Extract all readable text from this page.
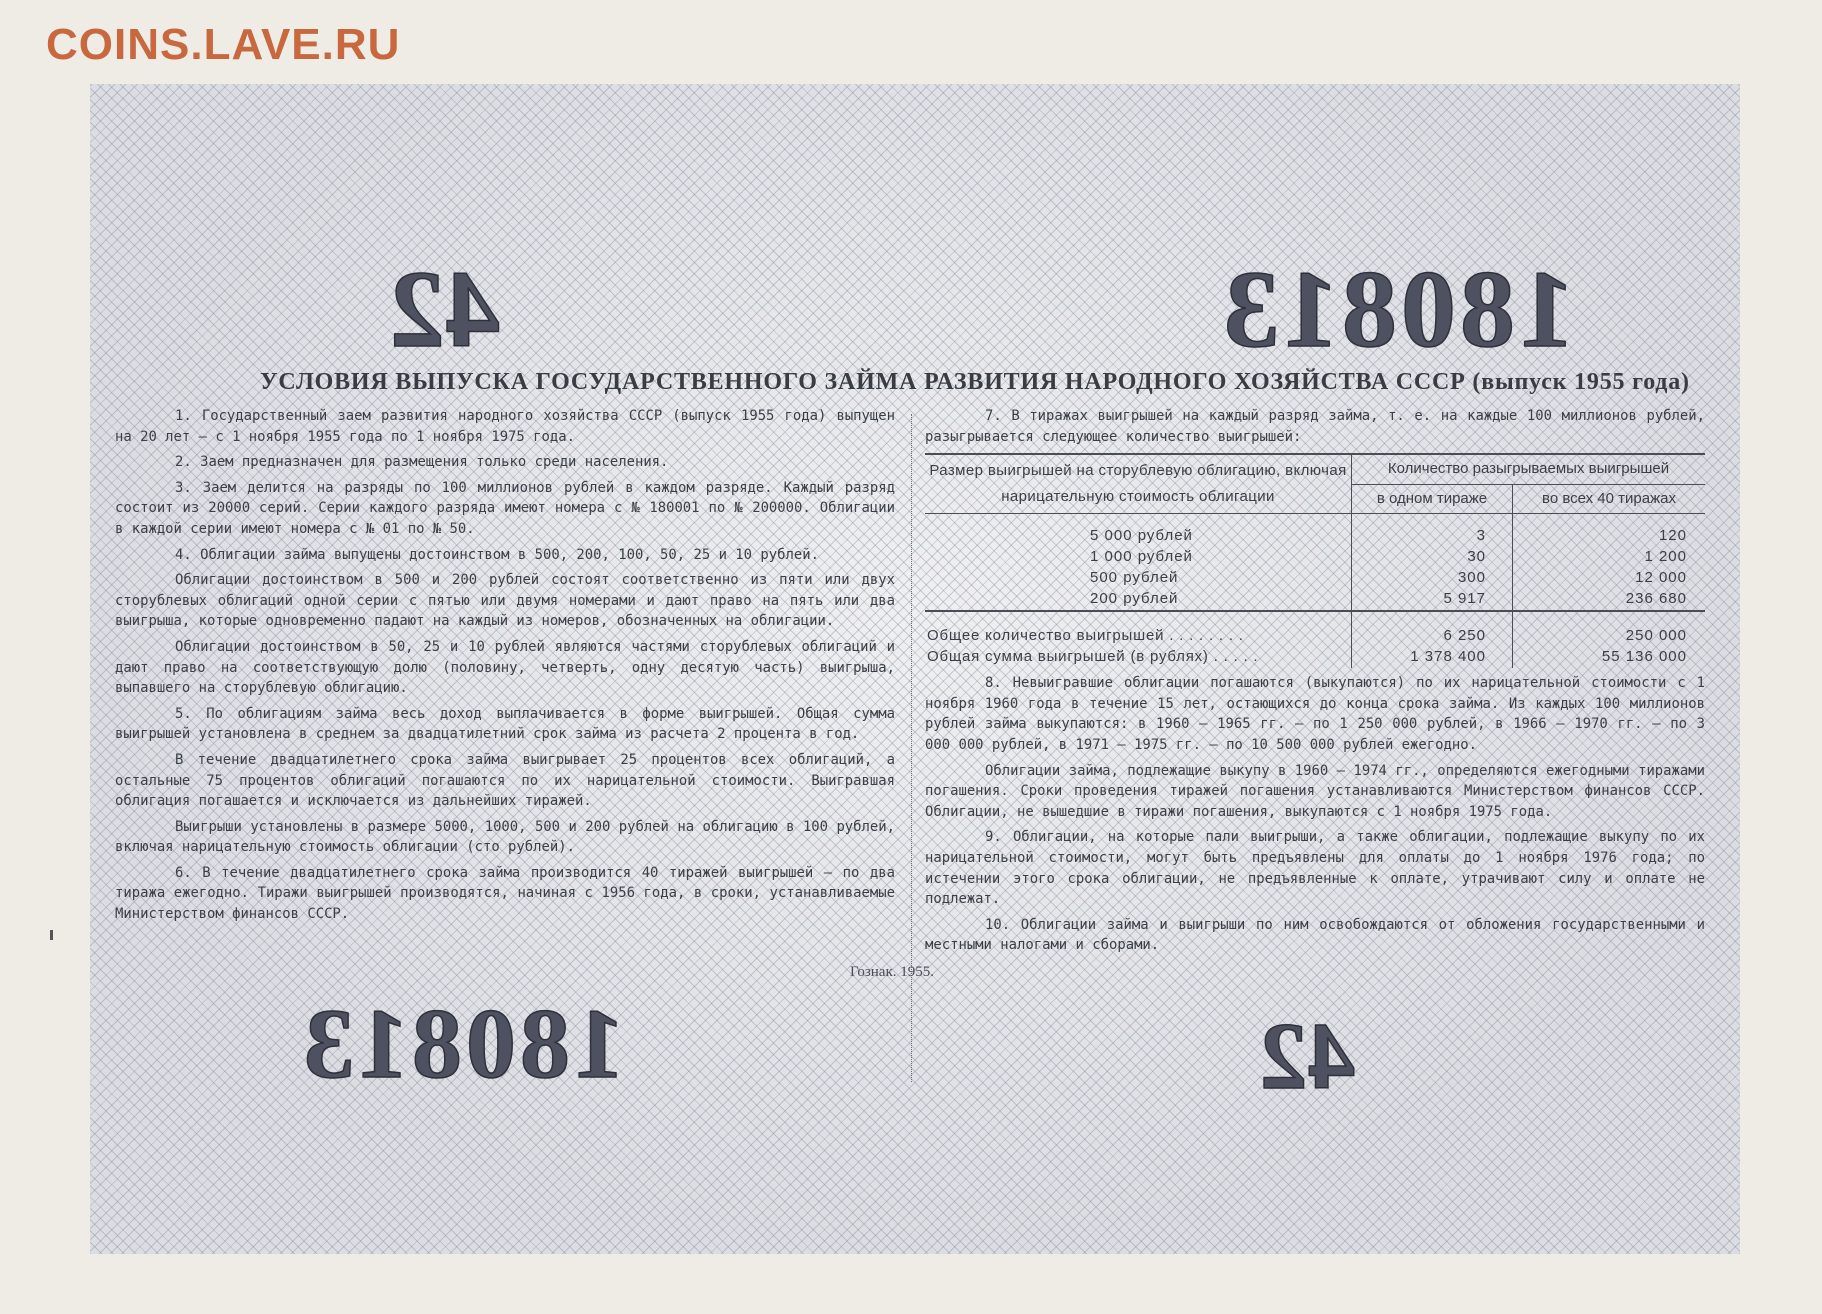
COINS.LAVE.RU
42	180813
УСЛОВИЯ ВЫПУСКА ГОСУДАРСТВЕННОГО ЗАЙМА РАЗВИТИЯ НАРОДНОГО ХОЗЯЙСТВА СССР (выпуск 1955 года)

1. Государственный заем развития народного хозяйства СССР (выпуск 1955 года) выпущен на 20 лет — с 1 ноября 1955 года по 1 ноября 1975 года.

2. Заем предназначен для размещения только среди населения.

3. Заем делится на разряды по 100 миллионов рублей в каждом разряде. Каждый разряд состоит из 20000 серий. Серии каждого разряда имеют номера с № 180001 по № 200000. Облигации в каждой серии имеют номера с № 01 по № 50.

4. Облигации займа выпущены достоинством в 500, 200, 100, 50, 25 и 10 рублей.

Облигации достоинством в 500 и 200 рублей состоят соответственно из пяти или двух сторублевых облигаций одной серии с пятью или двумя номерами и дают право на пять или два выигрыша, которые одновременно падают на каждый из номеров, обозначенных на облигации.

Облигации достоинством в 50, 25 и 10 рублей являются частями сторублевых облигаций и дают право на соответствующую долю (половину, четверть, одну десятую часть) выигрыша, выпавшего на сторублевую облигацию.

5. По облигациям займа весь доход выплачивается в форме выигрышей. Общая сумма выигрышей установлена в среднем за двадцатилетний срок займа из расчета 2 процента в год.

В течение двадцатилетнего срока займа выигрывает 25 процентов всех облигаций, а остальные 75 процентов облигаций погашаются по их нарицательной стоимости. Выигравшая облигация погашается и исключается из дальнейших тиражей.

Выигрыши установлены в размере 5000, 1000, 500 и 200 рублей на облигацию в 100 рублей, включая нарицательную стоимость облигации (сто рублей).

6. В течение двадцатилетнего срока займа производится 40 тиражей выигрышей — по два тиража ежегодно. Тиражи выигрышей производятся, начиная с 1956 года, в сроки, устанавливаемые Министерством финансов СССР.

7. В тиражах выигрышей на каждый разряд займа, т. е. на каждые 100 миллионов рублей, разыгрывается следующее количество выигрышей:

Размер выигрышей на сторублевую облигацию, включая нарицательную стоимость облигации	Количество разыгрываемых выигрышей	
	в одном тираже	во всех 40 тиражах

5 000 рублей	3	120
1 000 рублей	30	1 200
500 рублей	300	12 000
200 рублей	5 917	236 680

Общее количество выигрышей . . . . . . . .	6 250	250 000
Общая сумма выигрышей (в рублях) . . . . .	1 378 400	55 136 000

8. Невыигравшие облигации погашаются (выкупаются) по их нарицательной стоимости с 1 ноября 1960 года в течение 15 лет, остающихся до конца срока займа. Из каждых 100 миллионов рублей займа выкупаются: в 1960 — 1965 гг. — по 1 250 000 рублей, в 1966 — 1970 гг. — по 3 000 000 рублей, в 1971 — 1975 гг. — по 10 500 000 рублей ежегодно.

Облигации займа, подлежащие выкупу в 1960 — 1974 гг., определяются ежегодными тиражами погашения. Сроки проведения тиражей погашения устанавливаются Министерством финансов СССР. Облигации, не вышедшие в тиражи погашения, выкупаются с 1 ноября 1975 года.

9. Облигации, на которые пали выигрыши, а также облигации, подлежащие выкупу по их нарицательной стоимости, могут быть предъявлены для оплаты до 1 ноября 1976 года; по истечении этого срока облигации, не предъявленные к оплате, утрачивают силу и оплате не подлежат.

10. Облигации займа и выигрыши по ним освобождаются от обложения государственными и местными налогами и сборами.

Гознак. 1955.
180813	42
